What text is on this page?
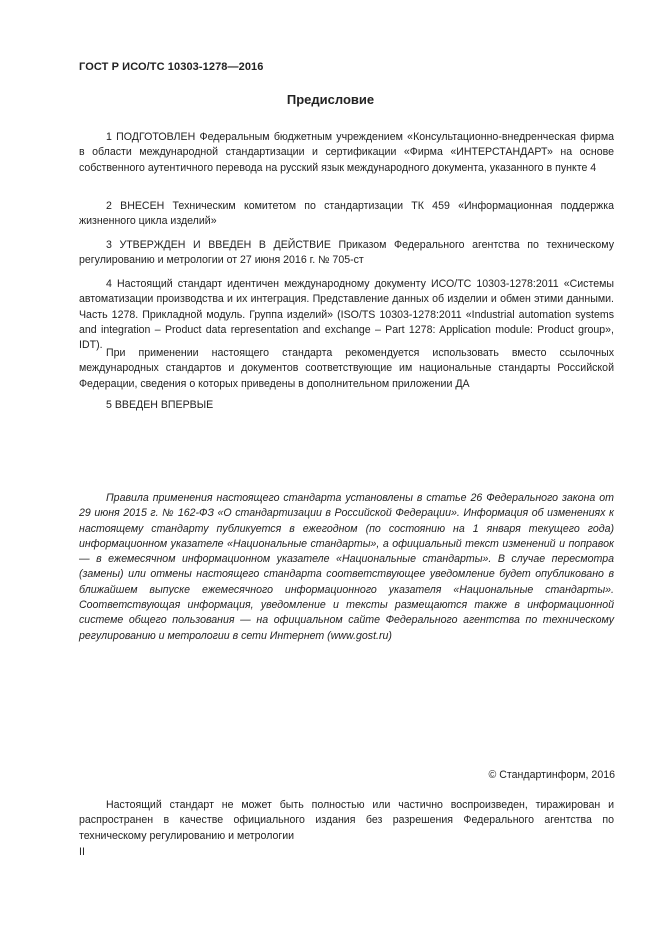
ГОСТ Р ИСО/ТС 10303-1278—2016
Предисловие

1 ПОДГОТОВЛЕН Федеральным бюджетным учреждением «Консультационно-внедренческая фирма в области международной стандартизации и сертификации «Фирма «ИНТЕРСТАНДАРТ» на основе собственного аутентичного перевода на русский язык международного документа, указанного в пункте 4

2 ВНЕСЕН Техническим комитетом по стандартизации ТК 459 «Информационная поддержка жизненного цикла изделий»

3 УТВЕРЖДЕН И ВВЕДЕН В ДЕЙСТВИЕ Приказом Федерального агентства по техническому регулированию и метрологии от 27 июня 2016 г. № 705-ст

4 Настоящий стандарт идентичен международному документу ИСО/ТС 10303-1278:2011 «Системы автоматизации производства и их интеграция. Представление данных об изделии и обмен этими данными. Часть 1278. Прикладной модуль. Группа изделий» (ISO/TS 10303-1278:2011 «Industrial automation systems and integration – Product data representation and exchange – Part 1278: Application module: Product group», IDT).

При применении настоящего стандарта рекомендуется использовать вместо ссылочных международных стандартов и документов соответствующие им национальные стандарты Российской Федерации, сведения о которых приведены в дополнительном приложении ДА

5 ВВЕДЕН ВПЕРВЫЕ

Правила применения настоящего стандарта установлены в статье 26 Федерального закона от 29 июня 2015 г. № 162-ФЗ «О стандартизации в Российской Федерации». Информация об изменениях к настоящему стандарту публикуется в ежегодном (по состоянию на 1 января текущего года) информационном указателе «Национальные стандарты», а официальный текст изменений и поправок — в ежемесячном информационном указателе «Национальные стандарты». В случае пересмотра (замены) или отмены настоящего стандарта соответствующее уведомление будет опубликовано в ближайшем выпуске ежемесячного информационного указателя «Национальные стандарты». Соответствующая информация, уведомление и тексты размещаются также в информационной системе общего пользования — на официальном сайте Федерального агентства по техническому регулированию и метрологии в сети Интернет (www.gost.ru)

© Стандартинформ, 2016

Настоящий стандарт не может быть полностью или частично воспроизведен, тиражирован и распространен в качестве официального издания без разрешения Федерального агентства по техническому регулированию и метрологии

II
